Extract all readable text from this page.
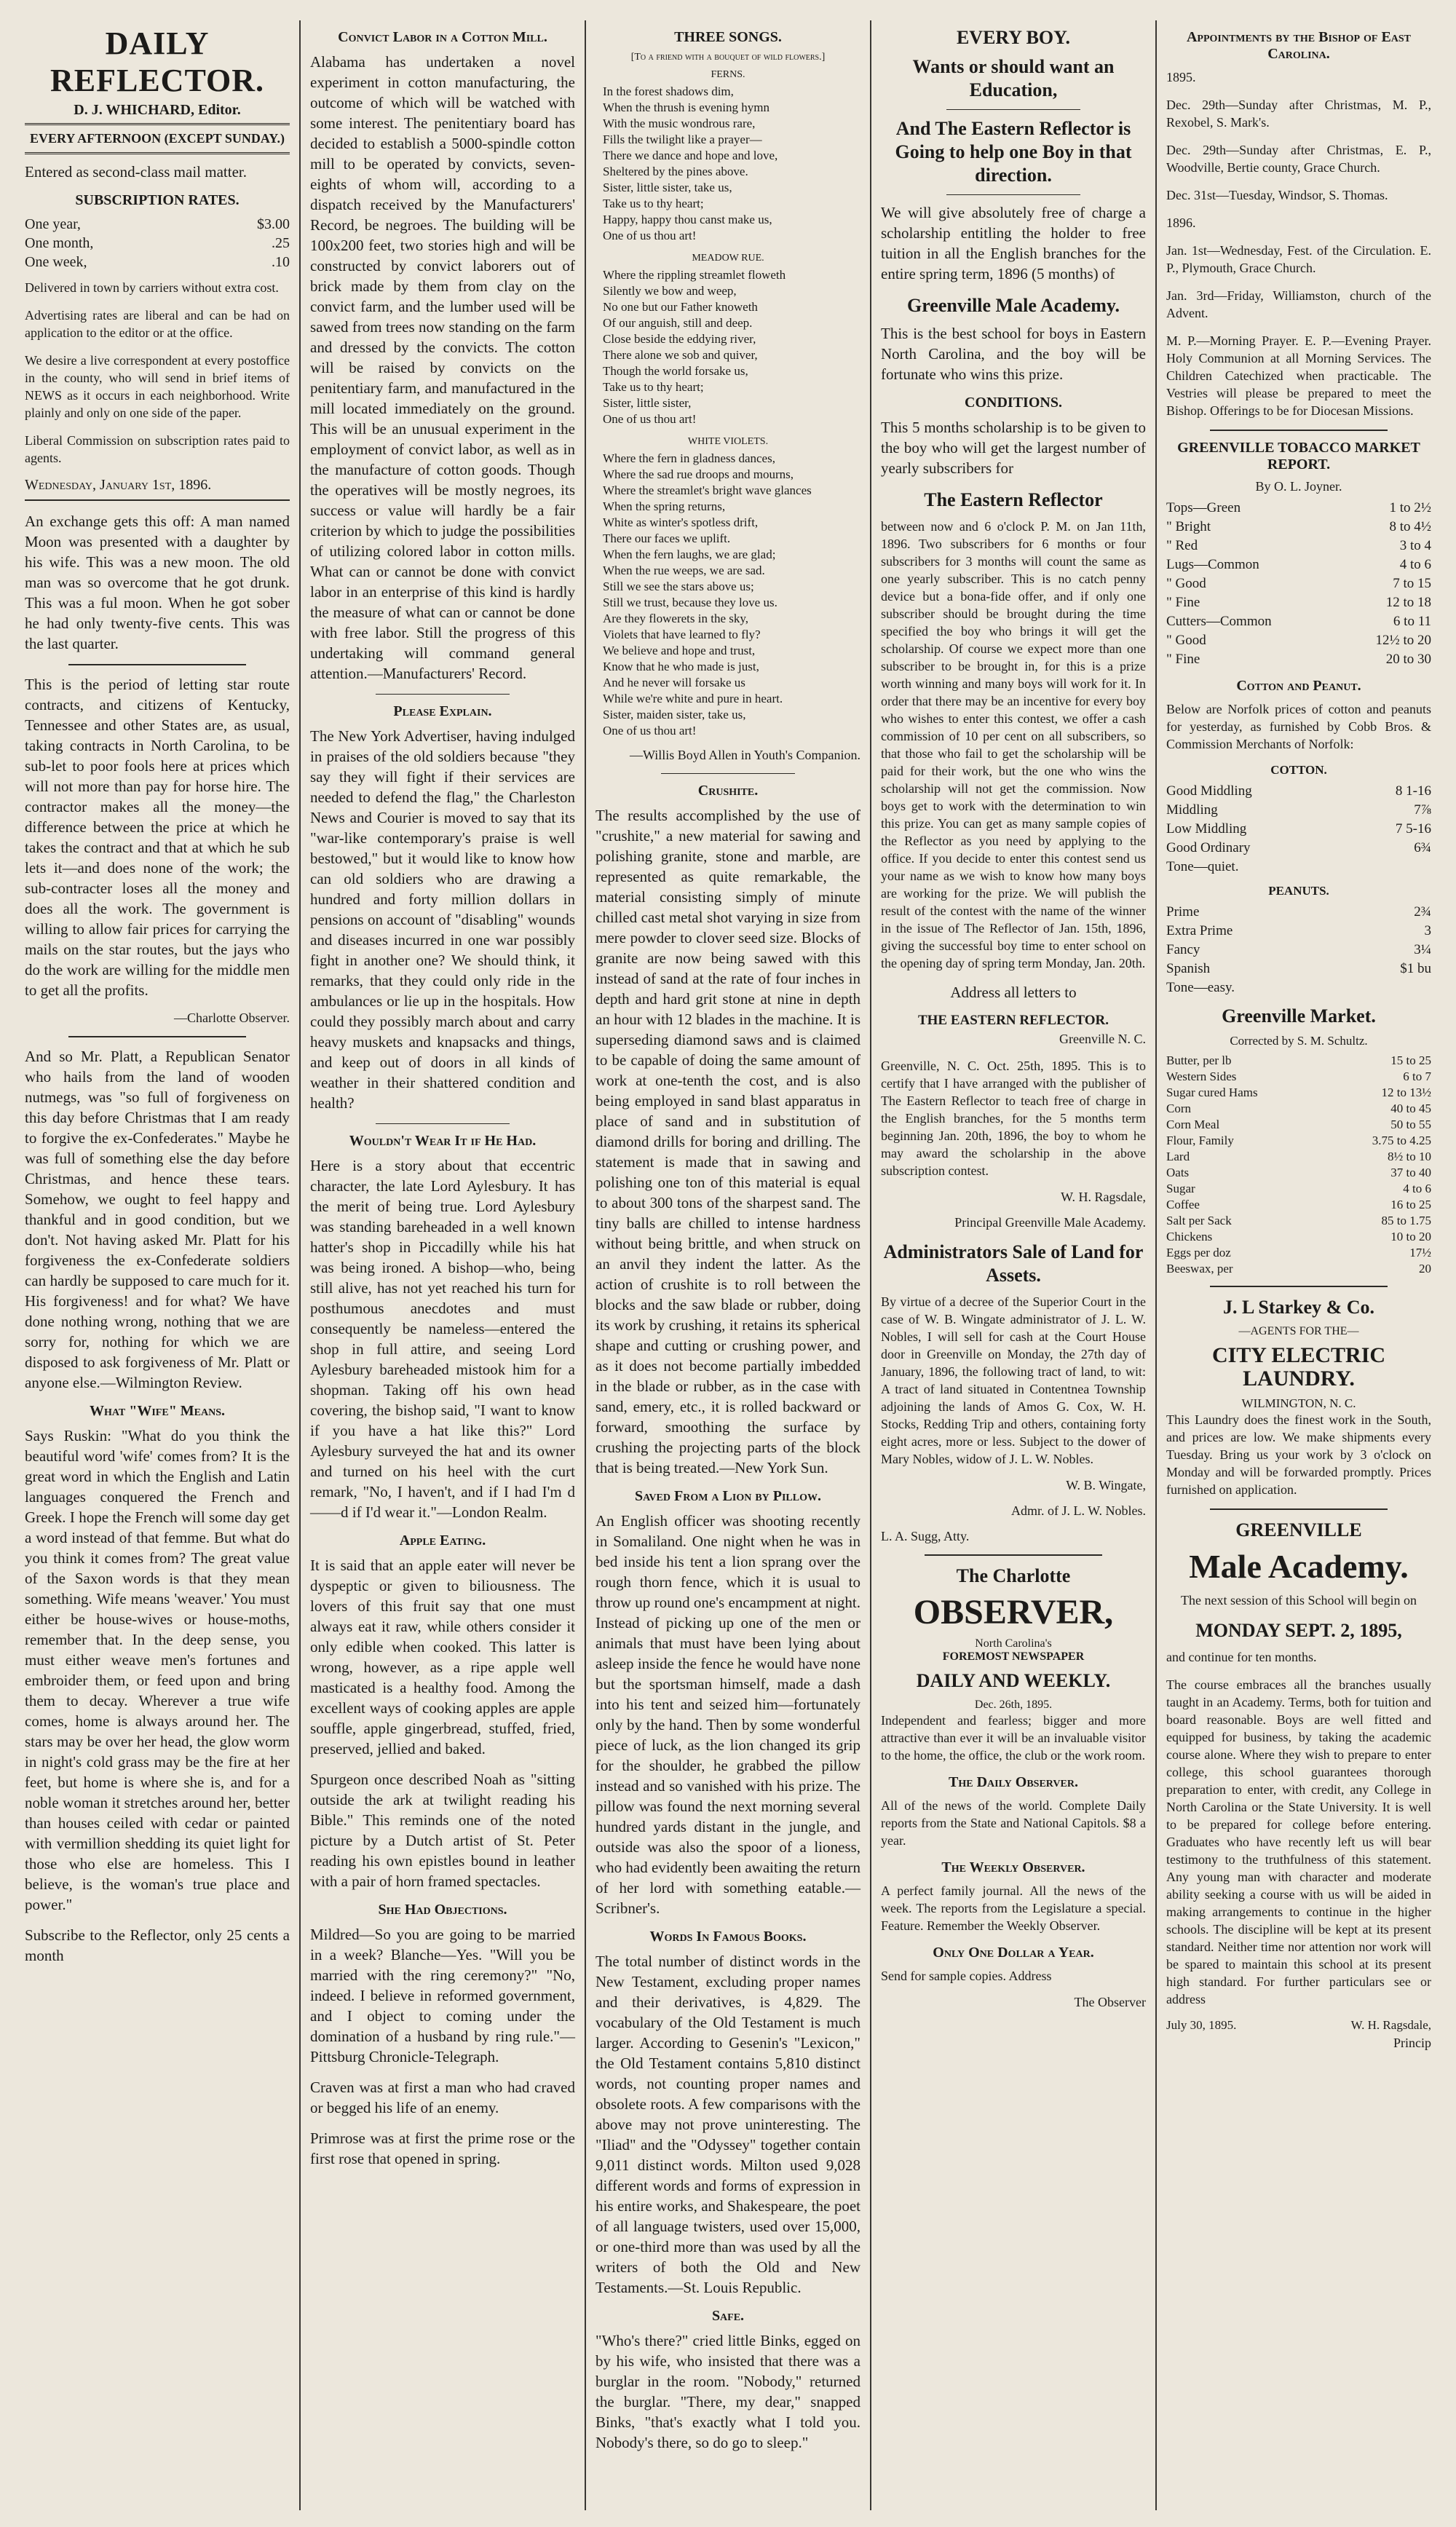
DAILY REFLECTOR.
D. J. WHICHARD, Editor.
EVERY AFTERNOON (EXCEPT SUNDAY.)

Entered as second-class mail matter.

SUBSCRIPTION RATES.
One year,	$3.00
One month,	.25
One week,	.10

Delivered in town by carriers without extra cost.

Advertising rates are liberal and can be had on application to the editor or at the office.

We desire a live correspondent at every postoffice in the county, who will send in brief items of NEWS as it occurs in each neighborhood. Write plainly and only on one side of the paper.

Liberal Commission on subscription rates paid to agents.

Wednesday, January 1st, 1896.

An exchange gets this off: A man named Moon was presented with a daughter by his wife. This was a new moon. The old man was so overcome that he got drunk. This was a ful moon. When he got sober he had only twenty-five cents. This was the last quarter.

This is the period of letting star route contracts, and citizens of Kentucky, Tennessee and other States are, as usual, taking contracts in North Carolina, to be sub-let to poor fools here at prices which will not more than pay for horse hire. The contractor makes all the money—the difference between the price at which he takes the contract and that at which he sub lets it—and does none of the work; the sub-contracter loses all the money and does all the work. The government is willing to allow fair prices for carrying the mails on the star routes, but the jays who do the work are willing for the middle men to get all the profits.

—Charlotte Observer.

And so Mr. Platt, a Republican Senator who hails from the land of wooden nutmegs, was "so full of forgiveness on this day before Christmas that I am ready to forgive the ex-Confederates." Maybe he was full of something else the day before Christmas, and hence these tears. Somehow, we ought to feel happy and thankful and in good condition, but we don't. Not having asked Mr. Platt for his forgiveness the ex-Confederate soldiers can hardly be supposed to care much for it. His forgiveness! and for what? We have done nothing wrong, nothing that we are sorry for, nothing for which we are disposed to ask forgiveness of Mr. Platt or anyone else.—Wilmington Review.

What "Wife" Means.

Says Ruskin: "What do you think the beautiful word 'wife' comes from? It is the great word in which the English and Latin languages conquered the French and Greek. I hope the French will some day get a word instead of that femme. But what do you think it comes from? The great value of the Saxon words is that they mean something. Wife means 'weaver.' You must either be house-wives or house-moths, remember that. In the deep sense, you must either weave men's fortunes and embroider them, or feed upon and bring them to decay. Wherever a true wife comes, home is always around her. The stars may be over her head, the glow worm in night's cold grass may be the fire at her feet, but home is where she is, and for a noble woman it stretches around her, better than houses ceiled with cedar or painted with vermillion shedding its quiet light for those who else are homeless. This I believe, is the woman's true place and power."

Subscribe to the Reflector, only 25 cents a month

Convict Labor in a Cotton Mill.

Alabama has undertaken a novel experiment in cotton manufacturing, the outcome of which will be watched with some interest. The penitentiary board has decided to establish a 5000-spindle cotton mill to be operated by convicts, seven-eights of whom will, according to a dispatch received by the Manufacturers' Record, be negroes. The building will be 100x200 feet, two stories high and will be constructed by convict laborers out of brick made by them from clay on the convict farm, and the lumber used will be sawed from trees now standing on the farm and dressed by the convicts. The cotton will be raised by convicts on the penitentiary farm, and manufactured in the mill located immediately on the ground. This will be an unusual experiment in the employment of convict labor, as well as in the manufacture of cotton goods. Though the operatives will be mostly negroes, its success or value will hardly be a fair criterion by which to judge the possibilities of utilizing colored labor in cotton mills. What can or cannot be done with convict labor in an enterprise of this kind is hardly the measure of what can or cannot be done with free labor. Still the progress of this undertaking will command general attention.—Manufacturers' Record.

Please Explain.

The New York Advertiser, having indulged in praises of the old soldiers because "they say they will fight if their services are needed to defend the flag," the Charleston News and Courier is moved to say that its "war-like contemporary's praise is well bestowed," but it would like to know how can old soldiers who are drawing a hundred and forty million dollars in pensions on account of "disabling" wounds and diseases incurred in one war possibly fight in another one? We should think, it remarks, that they could only ride in the ambulances or lie up in the hospitals. How could they possibly march about and carry heavy muskets and knapsacks and things, and keep out of doors in all kinds of weather in their shattered condition and health?

Wouldn't Wear It if He Had.

Here is a story about that eccentric character, the late Lord Aylesbury. It has the merit of being true. Lord Aylesbury was standing bareheaded in a well known hatter's shop in Piccadilly while his hat was being ironed. A bishop—who, being still alive, has not yet reached his turn for posthumous anecdotes and must consequently be nameless—entered the shop in full attire, and seeing Lord Aylesbury bareheaded mistook him for a shopman. Taking off his own head covering, the bishop said, "I want to know if you have a hat like this?" Lord Aylesbury surveyed the hat and its owner and turned on his heel with the curt remark, "No, I haven't, and if I had I'm d——d if I'd wear it."—London Realm.

Apple Eating.

It is said that an apple eater will never be dyspeptic or given to biliousness. The lovers of this fruit say that one must always eat it raw, while others consider it only edible when cooked. This latter is wrong, however, as a ripe apple well masticated is a healthy food. Among the excellent ways of cooking apples are apple souffle, apple gingerbread, stuffed, fried, preserved, jellied and baked.

Spurgeon once described Noah as "sitting outside the ark at twilight reading his Bible." This reminds one of the noted picture by a Dutch artist of St. Peter reading his own epistles bound in leather with a pair of horn framed spectacles.

She Had Objections.

Mildred—So you are going to be married in a week? Blanche—Yes. "Will you be married with the ring ceremony?" "No, indeed. I believe in reformed government, and I object to coming under the domination of a husband by ring rule."—Pittsburg Chronicle-Telegraph.

Craven was at first a man who had craved or begged his life of an enemy.

Primrose was at first the prime rose or the first rose that opened in spring.

THREE SONGS.
[To a friend with a bouquet of wild flowers.]
FERNS.
In the forest shadows dim,
When the thrush is evening hymn
With the music wondrous rare,
Fills the twilight like a prayer—
There we dance and hope and love,
Sheltered by the pines above.
Sister, little sister, take us,
Take us to thy heart;
Happy, happy thou canst make us,
One of us thou art!
MEADOW RUE.
Where the rippling streamlet floweth
Silently we bow and weep,
No one but our Father knoweth
Of our anguish, still and deep.
Close beside the eddying river,
There alone we sob and quiver,
Though the world forsake us,
Take us to thy heart;
Sister, little sister,
One of us thou art!
WHITE VIOLETS.
Where the fern in gladness dances,
Where the sad rue droops and mourns,
Where the streamlet's bright wave glances
When the spring returns,
White as winter's spotless drift,
There our faces we uplift.
When the fern laughs, we are glad;
When the rue weeps, we are sad.
Still we see the stars above us;
Still we trust, because they love us.
Are they flowerets in the sky,
Violets that have learned to fly?
We believe and hope and trust,
Know that he who made is just,
And he never will forsake us
While we're white and pure in heart.
Sister, maiden sister, take us,
One of us thou art!
—Willis Boyd Allen in Youth's Companion.
Crushite.

The results accomplished by the use of "crushite," a new material for sawing and polishing granite, stone and marble, are represented as quite remarkable, the material consisting simply of minute chilled cast metal shot varying in size from mere powder to clover seed size. Blocks of granite are now being sawed with this instead of sand at the rate of four inches in depth and hard grit stone at nine in depth an hour with 12 blades in the machine. It is superseding diamond saws and is claimed to be capable of doing the same amount of work at one-tenth the cost, and is also being employed in sand blast apparatus in place of sand and in substitution of diamond drills for boring and drilling. The statement is made that in sawing and polishing one ton of this material is equal to about 300 tons of the sharpest sand. The tiny balls are chilled to intense hardness without being brittle, and when struck on an anvil they indent the latter. As the action of crushite is to roll between the blocks and the saw blade or rubber, doing its work by crushing, it retains its spherical shape and cutting or crushing power, and as it does not become partially imbedded in the blade or rubber, as in the case with sand, emery, etc., it is rolled backward or forward, smoothing the surface by crushing the projecting parts of the block that is being treated.—New York Sun.

Saved From a Lion by Pillow.

An English officer was shooting recently in Somaliland. One night when he was in bed inside his tent a lion sprang over the rough thorn fence, which it is usual to throw up round one's encampment at night. Instead of picking up one of the men or animals that must have been lying about asleep inside the fence he would have none but the sportsman himself, made a dash into his tent and seized him—fortunately only by the hand. Then by some wonderful piece of luck, as the lion changed its grip for the shoulder, he grabbed the pillow instead and so vanished with his prize. The pillow was found the next morning several hundred yards distant in the jungle, and outside was also the spoor of a lioness, who had evidently been awaiting the return of her lord with something eatable.—Scribner's.

Words In Famous Books.

The total number of distinct words in the New Testament, excluding proper names and their derivatives, is 4,829. The vocabulary of the Old Testament is much larger. According to Gesenin's "Lexicon," the Old Testament contains 5,810 distinct words, not counting proper names and obsolete roots. A few comparisons with the above may not prove uninteresting. The "Iliad" and the "Odyssey" together contain 9,011 distinct words. Milton used 9,028 different words and forms of expression in his entire works, and Shakespeare, the poet of all language twisters, used over 15,000, or one-third more than was used by all the writers of both the Old and New Testaments.—St. Louis Republic.

Safe.

"Who's there?" cried little Binks, egged on by his wife, who insisted that there was a burglar in the room. "Nobody," returned the burglar. "There, my dear," snapped Binks, "that's exactly what I told you. Nobody's there, so do go to sleep."

EVERY BOY.
Wants or should want an Education,
And The Eastern Reflector is Going to help one Boy in that direction.

We will give absolutely free of charge a scholarship entitling the holder to free tuition in all the English branches for the entire spring term, 1896 (5 months) of

Greenville Male Academy.

This is the best school for boys in Eastern North Carolina, and the boy will be fortunate who wins this prize.

CONDITIONS.

This 5 months scholarship is to be given to the boy who will get the largest number of yearly subscribers for

The Eastern Reflector

between now and 6 o'clock P. M. on Jan 11th, 1896. Two subscribers for 6 months or four subscribers for 3 months will count the same as one yearly subscriber. This is no catch penny device but a bona-fide offer, and if only one subscriber should be brought during the time specified the boy who brings it will get the scholarship. Of course we expect more than one subscriber to be brought in, for this is a prize worth winning and many boys will work for it. In order that there may be an incentive for every boy who wishes to enter this contest, we offer a cash commission of 10 per cent on all subscribers, so that those who fail to get the scholarship will be paid for their work, but the one who wins the scholarship will not get the commission. Now boys get to work with the determination to win this prize. You can get as many sample copies of the Reflector as you need by applying to the office. If you decide to enter this contest send us your name as we wish to know how many boys are working for the prize. We will publish the result of the contest with the name of the winner in the issue of The Reflector of Jan. 15th, 1896, giving the successful boy time to enter school on the opening day of spring term Monday, Jan. 20th.

Address all letters to

THE EASTERN REFLECTOR.
Greenville N. C.

Greenville, N. C. Oct. 25th, 1895. This is to certify that I have arranged with the publisher of The Eastern Reflector to teach free of charge in the English branches, for the 5 months term beginning Jan. 20th, 1896, the boy to whom he may award the scholarship in the above subscription contest.

W. H. Ragsdale,
Principal Greenville Male Academy.
Administrators Sale of Land for Assets.

By virtue of a decree of the Superior Court in the case of W. B. Wingate administrator of J. L. W. Nobles, I will sell for cash at the Court House door in Greenville on Monday, the 27th day of January, 1896, the following tract of land, to wit: A tract of land situated in Contentnea Township adjoining the lands of Amos G. Cox, W. H. Stocks, Redding Trip and others, containing forty eight acres, more or less. Subject to the dower of Mary Nobles, widow of J. L. W. Nobles.

W. B. Wingate,
Admr. of J. L. W. Nobles.
L. A. Sugg, Atty.
The Charlotte
OBSERVER,
North Carolina's
FOREMOST NEWSPAPER
DAILY AND WEEKLY.
Dec. 26th, 1895.

Independent and fearless; bigger and more attractive than ever it will be an invaluable visitor to the home, the office, the club or the work room.

The Daily Observer.

All of the news of the world. Complete Daily reports from the State and National Capitols. $8 a year.

The Weekly Observer.

A perfect family journal. All the news of the week. The reports from the Legislature a special. Feature. Remember the Weekly Observer.

Only One Dollar a Year.

Send for sample copies. Address

The Observer
Appointments by the Bishop of East Carolina.

1895.

Dec. 29th—Sunday after Christmas, M. P., Rexobel, S. Mark's.

Dec. 29th—Sunday after Christmas, E. P., Woodville, Bertie county, Grace Church.

Dec. 31st—Tuesday, Windsor, S. Thomas.

1896.

Jan. 1st—Wednesday, Fest. of the Circulation. E. P., Plymouth, Grace Church.

Jan. 3rd—Friday, Williamston, church of the Advent.

M. P.—Morning Prayer. E. P.—Evening Prayer. Holy Communion at all Morning Services. The Children Catechized when practicable. The Vestries will please be prepared to meet the Bishop. Offerings to be for Diocesan Missions.

GREENVILLE TOBACCO MARKET REPORT.
By O. L. Joyner.
Tops—Green	1 to 2½
" Bright	8 to 4½
" Red	3 to 4
Lugs—Common	4 to 6
" Good	7 to 15
" Fine	12 to 18
Cutters—Common	6 to 11
" Good	12½ to 20
" Fine	20 to 30
Cotton and Peanut.

Below are Norfolk prices of cotton and peanuts for yesterday, as furnished by Cobb Bros. & Commission Merchants of Norfolk:

COTTON.
Good Middling	8 1-16
Middling	7⅞
Low Middling	7 5-16
Good Ordinary	6¾
Tone—quiet.
PEANUTS.
Prime	2¾
Extra Prime	3
Fancy	3¼
Spanish	$1 bu
Tone—easy.
Greenville Market.
Corrected by S. M. Schultz.
Butter, per lb	15 to 25
Western Sides	6 to 7
Sugar cured Hams	12 to 13½
Corn	40 to 45
Corn Meal	50 to 55
Flour, Family	3.75 to 4.25
Lard	8½ to 10
Oats	37 to 40
Sugar	4 to 6
Coffee	16 to 25
Salt per Sack	85 to 1.75
Chickens	10 to 20
Eggs per doz	17½
Beeswax, per	20
J. L Starkey & Co.
—AGENTS FOR THE—
CITY ELECTRIC LAUNDRY.
WILMINGTON, N. C.

This Laundry does the finest work in the South, and prices are low. We make shipments every Tuesday. Bring us your work by 3 o'clock on Monday and will be forwarded promptly. Prices furnished on application.

GREENVILLE
Male Academy.

The next session of this School will begin on

MONDAY SEPT. 2, 1895,

and continue for ten months.

The course embraces all the branches usually taught in an Academy. Terms, both for tuition and board reasonable. Boys are well fitted and equipped for business, by taking the academic course alone. Where they wish to prepare to enter college, this school guarantees thorough preparation to enter, with credit, any College in North Carolina or the State University. It is well to be prepared for college before entering. Graduates who have recently left us will bear testimony to the truthfulness of this statement. Any young man with character and moderate ability seeking a course with us will be aided in making arrangements to continue in the higher schools. The discipline will be kept at its present standard. Neither time nor attention nor work will be spared to maintain this school at its present high standard. For further particulars see or address

July 30, 1895.	W. H. Ragsdale,
Princip
